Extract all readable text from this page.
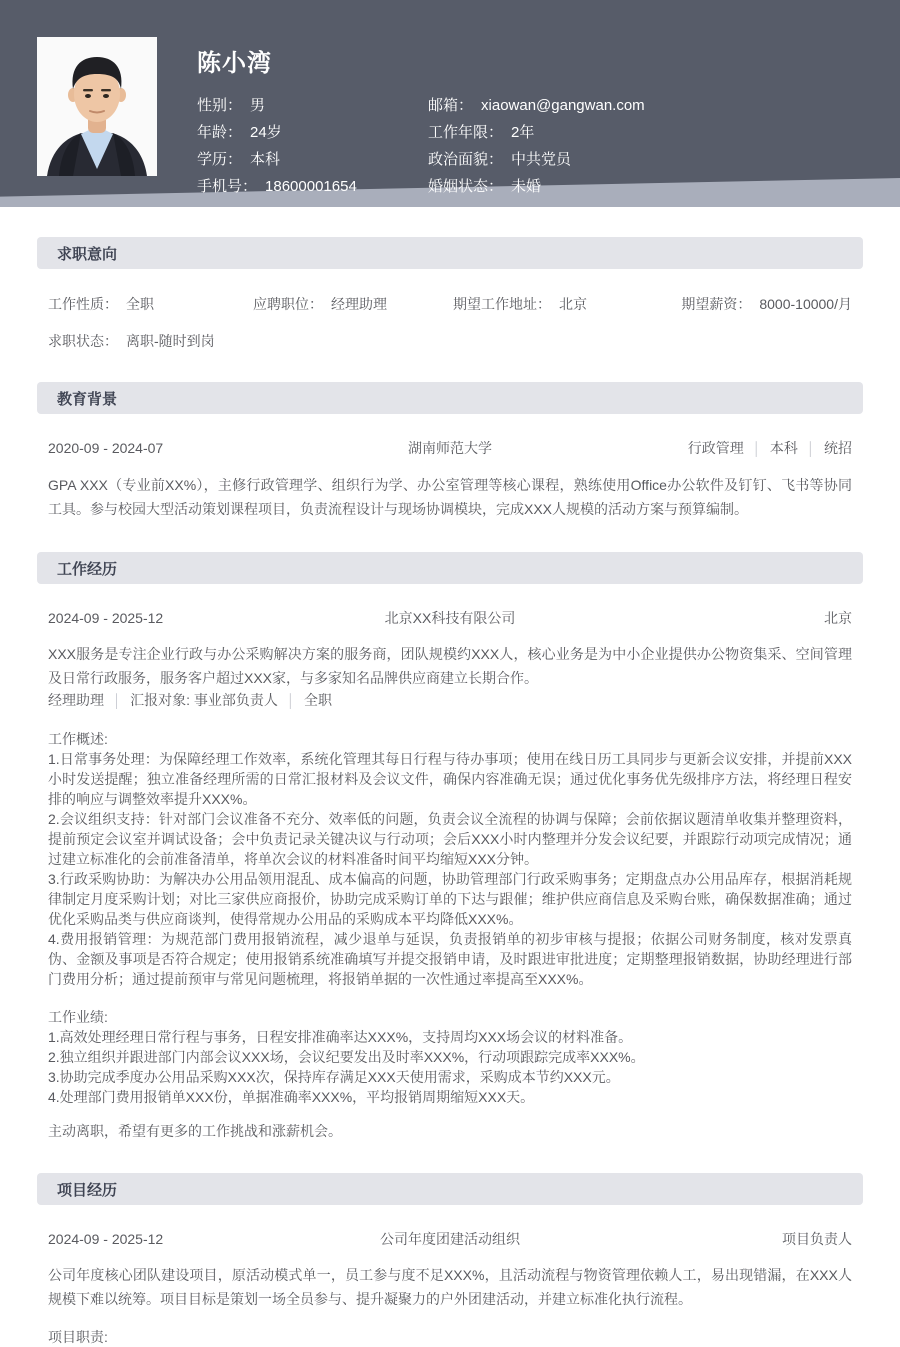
陈小湾
性别： 男
年龄： 24岁
学历： 本科
手机号： 18600001654
邮箱： xiaowan@gangwan.com
工作年限： 2年
政治面貌： 中共党员
婚姻状态： 未婚
求职意向
工作性质： 全职	应聘职位： 经理助理	期望工作地址： 北京	期望薪资： 8000-10000/月
求职状态： 离职-随时到岗
教育背景
2020-09 - 2024-07	湖南师范大学	行政管理 │ 本科 │ 统招
GPA XXX（专业前XX%），主修行政管理学、组织行为学、办公室管理等核心课程，熟练使用Office办公软件及钉钉、飞书等协同工具。参与校园大型活动策划课程项目，负责流程设计与现场协调模块，完成XXX人规模的活动方案与预算编制。
工作经历
2024-09 - 2025-12	北京XX科技有限公司	北京
XXX服务是专注企业行政与办公采购解决方案的服务商，团队规模约XXX人，核心业务是为中小企业提供办公物资集采、空间管理及日常行政服务，服务客户超过XXX家，与多家知名品牌供应商建立长期合作。
经理助理 │ 汇报对象: 事业部负责人 │ 全职
工作概述:
1.日常事务处理：为保障经理工作效率，系统化管理其每日行程与待办事项；使用在线日历工具同步与更新会议安排，并提前XXX小时发送提醒；独立准备经理所需的日常汇报材料及会议文件，确保内容准确无误；通过优化事务优先级排序方法，将经理日程安排的响应与调整效率提升XXX%。
2.会议组织支持：针对部门会议准备不充分、效率低的问题，负责会议全流程的协调与保障；会前依据议题清单收集并整理资料，提前预定会议室并调试设备；会中负责记录关键决议与行动项；会后XXX小时内整理并分发会议纪要，并跟踪行动项完成情况；通过建立标准化的会前准备清单，将单次会议的材料准备时间平均缩短XXX分钟。
3.行政采购协助：为解决办公用品领用混乱、成本偏高的问题，协助管理部门行政采购事务；定期盘点办公用品库存，根据消耗规律制定月度采购计划；对比三家供应商报价，协助完成采购订单的下达与跟催；维护供应商信息及采购台账，确保数据准确；通过优化采购品类与供应商谈判，使得常规办公用品的采购成本平均降低XXX%。
4.费用报销管理：为规范部门费用报销流程，减少退单与延误，负责报销单的初步审核与提报；依据公司财务制度，核对发票真伪、金额及事项是否符合规定；使用报销系统准确填写并提交报销申请，及时跟进审批进度；定期整理报销数据，协助经理进行部门费用分析；通过提前预审与常见问题梳理，将报销单据的一次性通过率提高至XXX%。
工作业绩:
1.高效处理经理日常行程与事务，日程安排准确率达XXX%，支持周均XXX场会议的材料准备。
2.独立组织并跟进部门内部会议XXX场，会议纪要发出及时率XXX%，行动项跟踪完成率XXX%。
3.协助完成季度办公用品采购XXX次，保持库存满足XXX天使用需求，采购成本节约XXX元。
4.处理部门费用报销单XXX份，单据准确率XXX%，平均报销周期缩短XXX天。
主动离职，希望有更多的工作挑战和涨薪机会。
项目经历
2024-09 - 2025-12	公司年度团建活动组织	项目负责人
公司年度核心团队建设项目，原活动模式单一，员工参与度不足XXX%，且活动流程与物资管理依赖人工，易出现错漏，在XXX人规模下难以统筹。项目目标是策划一场全员参与、提升凝聚力的户外团建活动，并建立标准化执行流程。
项目职责:
